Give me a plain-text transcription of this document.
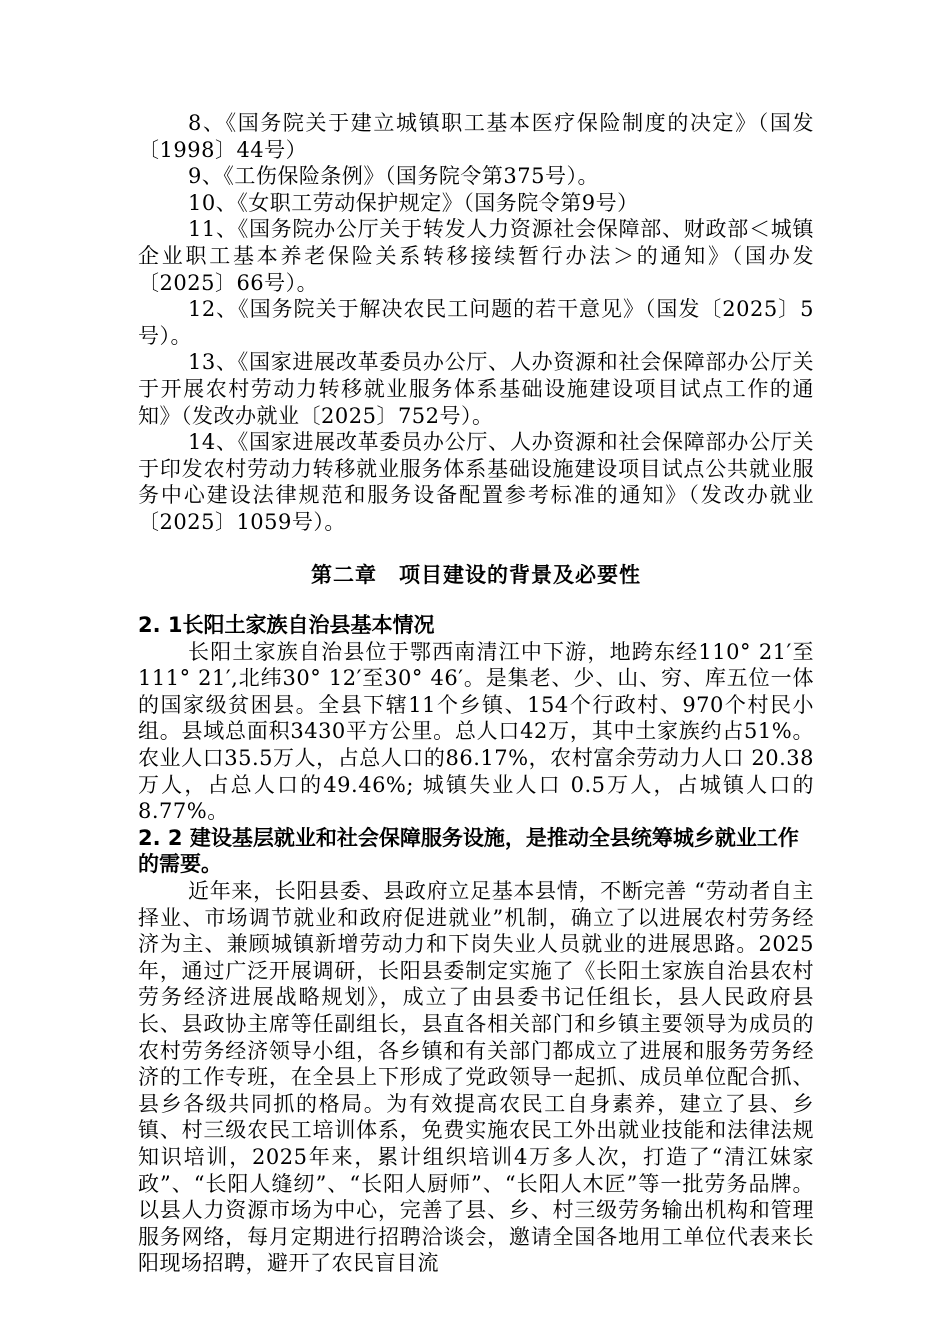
8、《国务院关于建立城镇职工基本医疗保险制度的决定》（国发〔1998〕44号）

9、《工伤保险条例》（国务院令第375号）。

10、《女职工劳动保护规定》（国务院令第9号）

11、《国务院办公厅关于转发人力资源社会保障部、财政部＜城镇企业职工基本养老保险关系转移接续暂行办法＞的通知》（国办发〔2025〕66号）。

12、《国务院关于解决农民工问题的若干意见》（国发〔2025〕5号）。

13、《国家进展改革委员办公厅、人办资源和社会保障部办公厅关于开展农村劳动力转移就业服务体系基础设施建设项目试点工作的通知》（发改办就业〔2025〕752号）。

14、《国家进展改革委员办公厅、人办资源和社会保障部办公厅关于印发农村劳动力转移就业服务体系基础设施建设项目试点公共就业服务中心建设法律规范和服务设备配置参考标准的通知》（发改办就业〔2025〕1059号）。

第二章　项目建设的背景及必要性

2. 1长阳土家族自治县基本情况

长阳土家族自治县位于鄂西南清江中下游，地跨东经110° 21′至111° 21′,北纬30° 12′至30° 46′。是集老、少、山、穷、库五位一体的国家级贫困县。全县下辖11个乡镇、154个行政村、970个村民小组。县域总面积3430平方公里。总人口42万，其中土家族约占51%。农业人口35.5万人，占总人口的86.17%，农村富余劳动力人口 20.38万人，占总人口的49.46%; 城镇失业人口 0.5万人，占城镇人口的8.77%。

2. 2 建设基层就业和社会保障服务设施，是推动全县统筹城乡就业工作的需要。

近年来，长阳县委、县政府立足基本县情，不断完善 “劳动者自主择业、市场调节就业和政府促进就业”机制，确立了以进展农村劳务经济为主、兼顾城镇新增劳动力和下岗失业人员就业的进展思路。2025年，通过广泛开展调研，长阳县委制定实施了《长阳土家族自治县农村劳务经济进展战略规划》，成立了由县委书记任组长，县人民政府县长、县政协主席等任副组长，县直各相关部门和乡镇主要领导为成员的农村劳务经济领导小组，各乡镇和有关部门都成立了进展和服务劳务经济的工作专班，在全县上下形成了党政领导一起抓、成员单位配合抓、县乡各级共同抓的格局。为有效提高农民工自身素养，建立了县、乡镇、村三级农民工培训体系，免费实施农民工外出就业技能和法律法规知识培训，2025年来，累计组织培训4万多人次，打造了“清江妹家政”、“长阳人缝纫”、“长阳人厨师”、“长阳人木匠”等一批劳务品牌。以县人力资源市场为中心，完善了县、乡、村三级劳务输出机构和管理服务网络，每月定期进行招聘洽谈会，邀请全国各地用工单位代表来长阳现场招聘，避开了农民盲目流
